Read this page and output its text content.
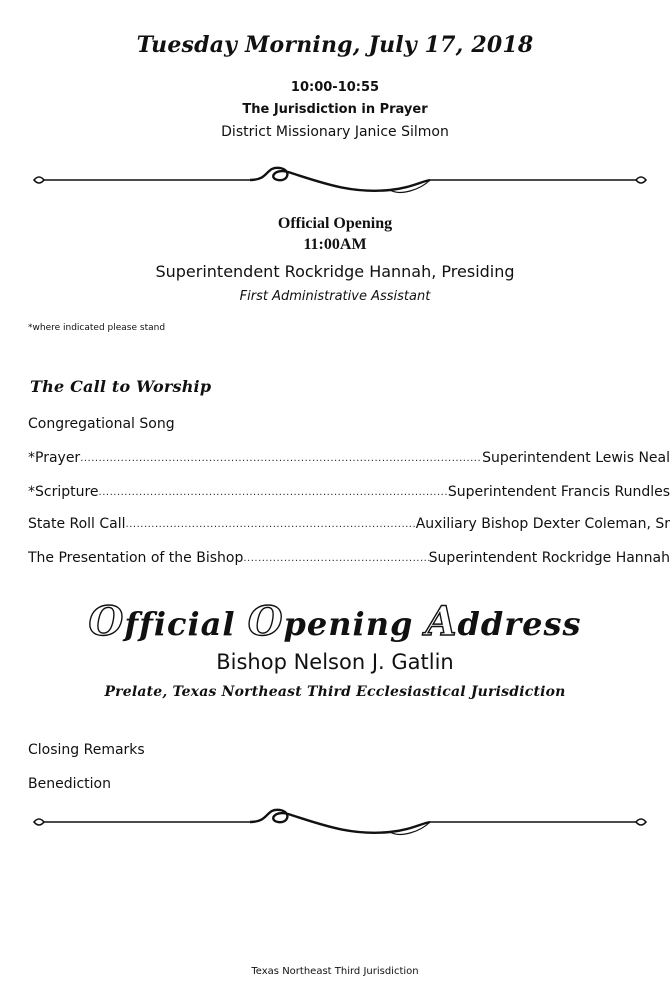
Tuesday Morning, July 17, 2018
10:00-10:55
The Jurisdiction in Prayer
District Missionary Janice Silmon
Official Opening
11:00AM
Superintendent Rockridge Hannah, Presiding
First Administrative Assistant
*where indicated please stand
The Call to Worship
Congregational Song
*Prayer .....	Superintendent Lewis Neal
*Scripture .....	Superintendent Francis Rundles
State Roll Call .....	Auxiliary Bishop Dexter Coleman, Sr
The Presentation of the Bishop .....	Superintendent Rockridge Hannah
Official Opening Address
Bishop Nelson J. Gatlin
Prelate, Texas Northeast Third Ecclesiastical Jurisdiction
Closing Remarks
Benediction
Texas Northeast Third Jurisdiction
